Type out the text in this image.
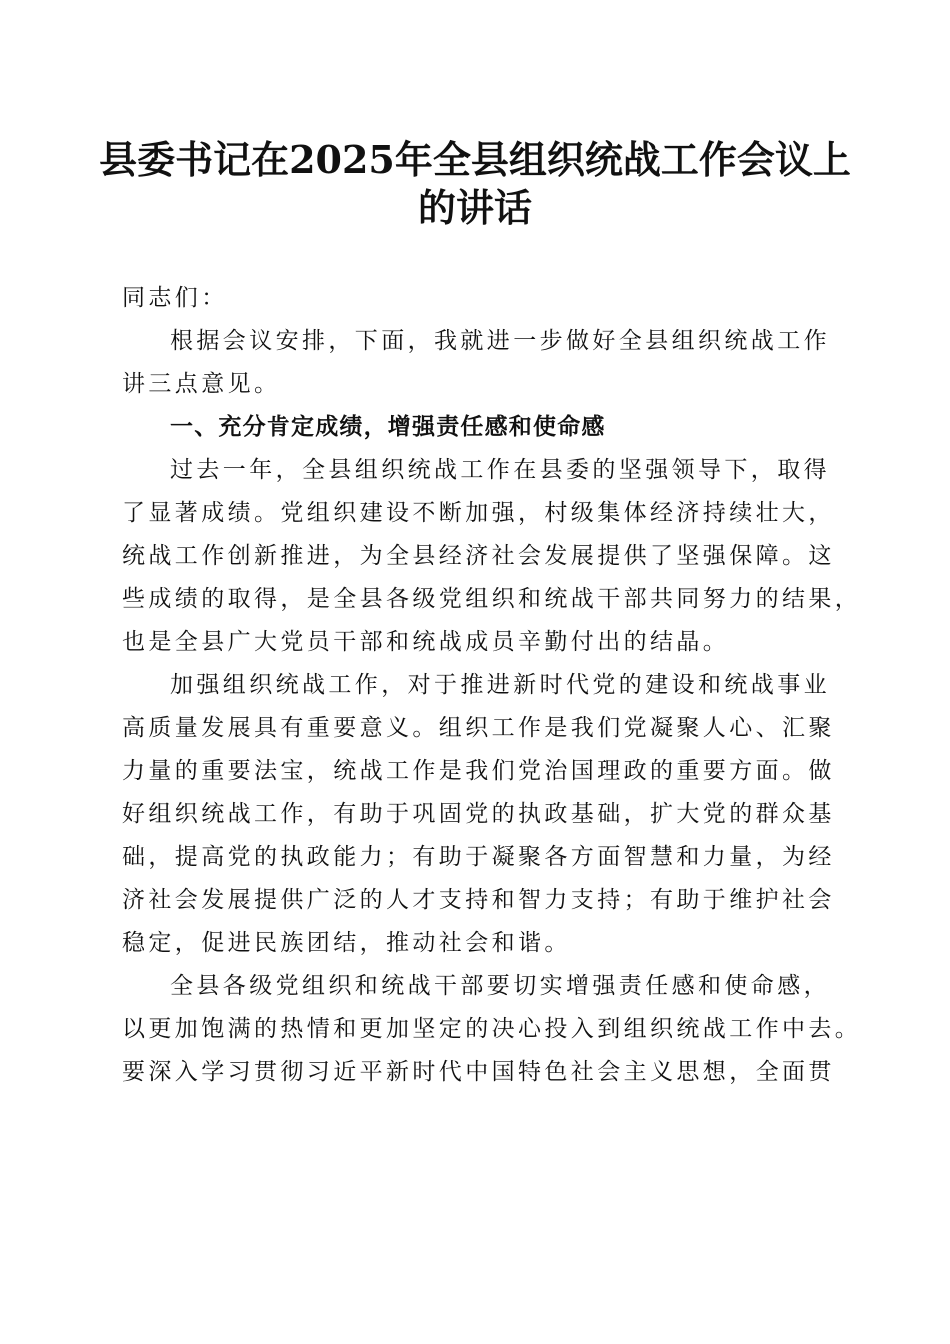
县委书记在2025年全县组织统战工作会议上
的讲话
同志们：
根据会议安排，下面，我就进一步做好全县组织统战工作
讲三点意见。
一、充分肯定成绩，增强责任感和使命感
过去一年，全县组织统战工作在县委的坚强领导下，取得
了显著成绩。党组织建设不断加强，村级集体经济持续壮大，
统战工作创新推进，为全县经济社会发展提供了坚强保障。这
些成绩的取得，是全县各级党组织和统战干部共同努力的结果，
也是全县广大党员干部和统战成员辛勤付出的结晶。
加强组织统战工作，对于推进新时代党的建设和统战事业
高质量发展具有重要意义。组织工作是我们党凝聚人心、汇聚
力量的重要法宝，统战工作是我们党治国理政的重要方面。做
好组织统战工作，有助于巩固党的执政基础，扩大党的群众基
础，提高党的执政能力；有助于凝聚各方面智慧和力量，为经
济社会发展提供广泛的人才支持和智力支持；有助于维护社会
稳定，促进民族团结，推动社会和谐。
全县各级党组织和统战干部要切实增强责任感和使命感，
以更加饱满的热情和更加坚定的决心投入到组织统战工作中去。
要深入学习贯彻习近平新时代中国特色社会主义思想，全面贯
